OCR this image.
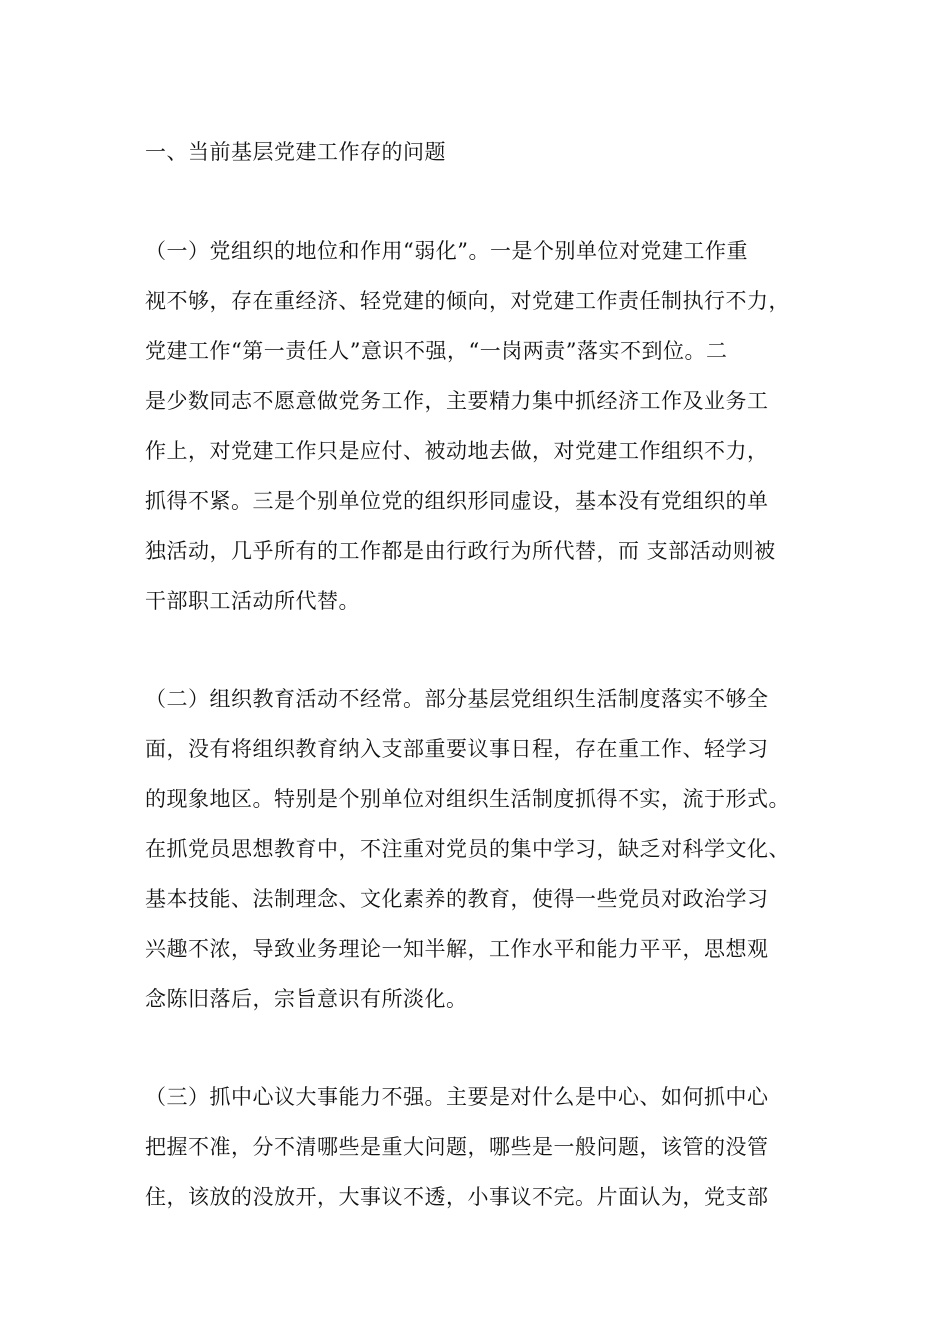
一、当前基层党建工作存的问题
（一）党组织的地位和作用“弱化”。一是个别单位对党建工作重
视不够，存在重经济、轻党建的倾向，对党建工作责任制执行不力，
党建工作“第一责任人”意识不强，“一岗两责”落实不到位。二
是少数同志不愿意做党务工作，主要精力集中抓经济工作及业务工
作上，对党建工作只是应付、被动地去做，对党建工作组织不力，
抓得不紧。三是个别单位党的组织形同虚设，基本没有党组织的单
独活动，几乎所有的工作都是由行政行为所代替，而 支部活动则被
干部职工活动所代替。
（二）组织教育活动不经常。部分基层党组织生活制度落实不够全
面，没有将组织教育纳入支部重要议事日程，存在重工作、轻学习
的现象地区。特别是个别单位对组织生活制度抓得不实，流于形式。
在抓党员思想教育中，不注重对党员的集中学习，缺乏对科学文化、
基本技能、法制理念、文化素养的教育，使得一些党员对政治学习
兴趣不浓，导致业务理论一知半解，工作水平和能力平平，思想观
念陈旧落后，宗旨意识有所淡化。
（三）抓中心议大事能力不强。主要是对什么是中心、如何抓中心
把握不准，分不清哪些是重大问题，哪些是一般问题，该管的没管
住，该放的没放开，大事议不透，小事议不完。片面认为，党支部
